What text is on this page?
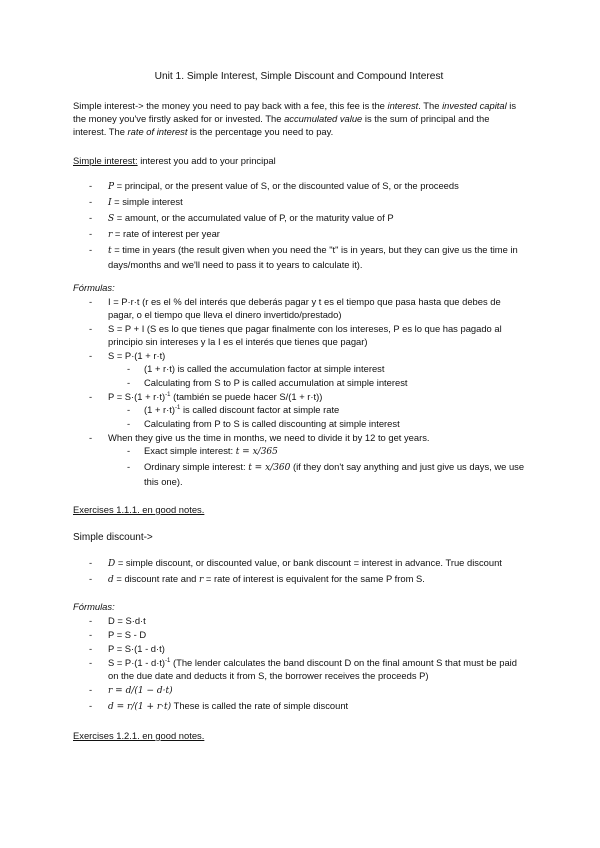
Unit 1. Simple Interest, Simple Discount and Compound Interest

Simple interest-> the money you need to pay back with a fee, this fee is the interest. The invested capital is the money you've firstly asked for or invested. The accumulated value is the sum of principal and the interest. The rate of interest is the percentage you need to pay.

Simple interest: interest you add to your principal

- P = principal, or the present value of S, or the discounted value of S, or the proceeds
- I = simple interest
- S = amount, or the accumulated value of P, or the maturity value of P
- r = rate of interest per year
- t = time in years (the result given when you need the "t" is in years, but they can give us the time in days/months and we'll need to pass it to years to calculate it).

Fórmulas:

- I = P·r·t (r es el % del interés que deberás pagar y t es el tiempo que pasa hasta que debes de pagar, o el tiempo que lleva el dinero invertido/prestado)
- S = P + I (S es lo que tienes que pagar finalmente con los intereses, P es lo que has pagado al principio sin intereses y la I es el interés que tienes que pagar)
- S = P·(1 + r·t)
- (1 + r·t) is called the accumulation factor at simple interest
- Calculating from S to P is called accumulation at simple interest
- $P = S\cdot(1 + r\cdot t)^{-1}$ (también se puede hacer S/(1 + r·t))
- $(1 + r\cdot t)^{-1}$ is called discount factor at simple rate
- Calculating from P to S is called discounting at simple interest
- When they give us the time in months, we need to divide it by 12 to get years.
- Exact simple interest: t = x/365
- Ordinary simple interest: t = x/360 (if they don't say anything and just give us days, we use this one).

Exercises 1.1.1. en good notes.

Simple discount->

- D = simple discount, or discounted value, or bank discount = interest in advance. True discount
- d = discount rate and r = rate of interest is equivalent for the same P from S.

Fórmulas:

- D = S·d·t
- P = S - D
- P = S·(1 - d·t)
- $S = P\cdot(1 - d\cdot t)^{-1}$ (The lender calculates the band discount D on the final amount S that must be paid on the due date and deducts it from S, the borrower receives the proceeds P)
- r = d/(1 − d·t)
- d = r/(1 + r·t) These is called the rate of simple discount

Exercises 1.2.1. en good notes.
